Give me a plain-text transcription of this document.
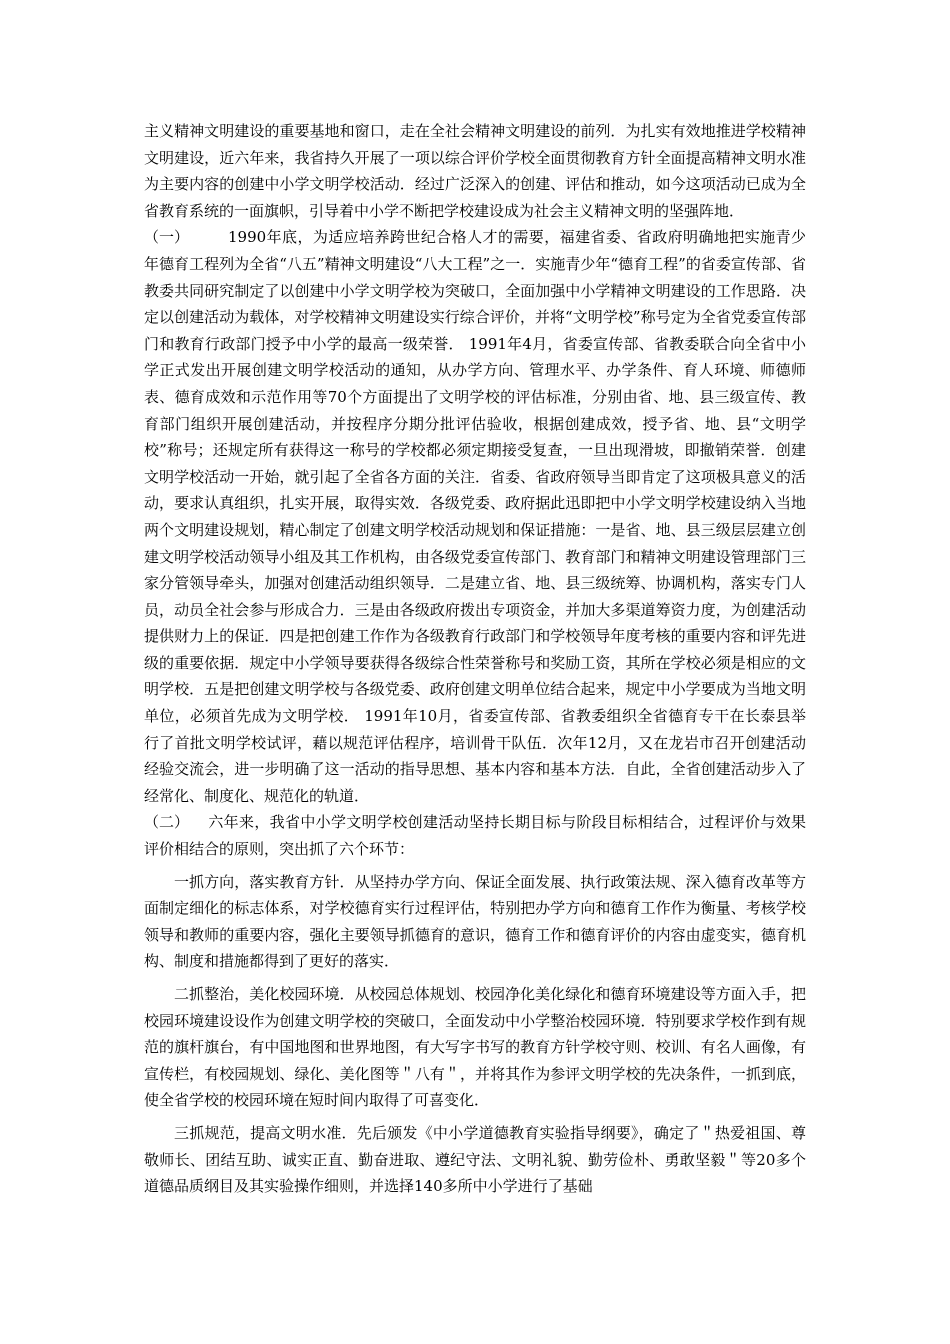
主义精神文明建设的重要基地和窗口，走在全社会精神文明建设的前列．为扎实有效地推进学校精神文明建设，近六年来，我省持久开展了一项以综合评价学校全面贯彻教育方针全面提高精神文明水准为主要内容的创建中小学文明学校活动．经过广泛深入的创建、评估和推动，如今这项活动已成为全省教育系统的一面旗帜，引导着中小学不断把学校建设成为社会主义精神文明的坚强阵地．

（一）	1990年底，为适应培养跨世纪合格人才的需要，福建省委、省政府明确地把实施青少年德育工程列为全省“八五”精神文明建设“八大工程”之一．实施青少年“德育工程”的省委宣传部、省教委共同研究制定了以创建中小学文明学校为突破口，全面加强中小学精神文明建设的工作思路．决定以创建活动为载体，对学校精神文明建设实行综合评价，并将“文明学校”称号定为全省党委宣传部门和教育行政部门授予中小学的最高一级荣誉． 1991年4月，省委宣传部、省教委联合向全省中小学正式发出开展创建文明学校活动的通知，从办学方向、管理水平、办学条件、育人环境、师德师表、德育成效和示范作用等70个方面提出了文明学校的评估标准，分别由省、地、县三级宣传、教育部门组织开展创建活动，并按程序分期分批评估验收，根据创建成效，授予省、地、县“文明学校”称号；还规定所有获得这一称号的学校都必须定期接受复查，一旦出现滑坡，即撤销荣誉．创建文明学校活动一开始，就引起了全省各方面的关注．省委、省政府领导当即肯定了这项极具意义的活动，要求认真组织，扎实开展，取得实效．各级党委、政府据此迅即把中小学文明学校建设纳入当地两个文明建设规划，精心制定了创建文明学校活动规划和保证措施：一是省、地、县三级层层建立创建文明学校活动领导小组及其工作机构，由各级党委宣传部门、教育部门和精神文明建设管理部门三家分管领导牵头，加强对创建活动组织领导．二是建立省、地、县三级统筹、协调机构，落实专门人员，动员全社会参与形成合力．三是由各级政府拨出专项资金，并加大多渠道筹资力度，为创建活动提供财力上的保证．四是把创建工作作为各级教育行政部门和学校领导年度考核的重要内容和评先进级的重要依据．规定中小学领导要获得各级综合性荣誉称号和奖励工资，其所在学校必须是相应的文明学校．五是把创建文明学校与各级党委、政府创建文明单位结合起来，规定中小学要成为当地文明单位，必须首先成为文明学校． 1991年10月，省委宣传部、省教委组织全省德育专干在长泰县举行了首批文明学校试评，藉以规范评估程序，培训骨干队伍．次年12月，又在龙岩市召开创建活动经验交流会，进一步明确了这一活动的指导思想、基本内容和基本方法．自此，全省创建活动步入了经常化、制度化、规范化的轨道．

（二） 六年来，我省中小学文明学校创建活动坚持长期目标与阶段目标相结合，过程评价与效果评价相结合的原则，突出抓了六个环节：

一抓方向，落实教育方针．从坚持办学方向、保证全面发展、执行政策法规、深入德育改革等方面制定细化的标志体系，对学校德育实行过程评估，特别把办学方向和德育工作作为衡量、考核学校领导和教师的重要内容，强化主要领导抓德育的意识，德育工作和德育评价的内容由虚变实，德育机构、制度和措施都得到了更好的落实．

二抓整治，美化校园环境．从校园总体规划、校园净化美化绿化和德育环境建设等方面入手，把校园环境建设设作为创建文明学校的突破口，全面发动中小学整治校园环境．特别要求学校作到有规范的旗杆旗台，有中国地图和世界地图，有大写字书写的教育方针学校守则、校训、有名人画像，有宣传栏，有校园规划、绿化、美化图等＂八有＂，并将其作为参评文明学校的先决条件，一抓到底，使全省学校的校园环境在短时间内取得了可喜变化．

三抓规范，提高文明水准．先后颁发《中小学道德教育实验指导纲要》，确定了＂热爱祖国、尊敬师长、团结互助、诚实正直、勤奋进取、遵纪守法、文明礼貌、勤劳俭朴、勇敢坚毅＂等20多个道德品质纲目及其实验操作细则，并选择140多所中小学进行了基础
